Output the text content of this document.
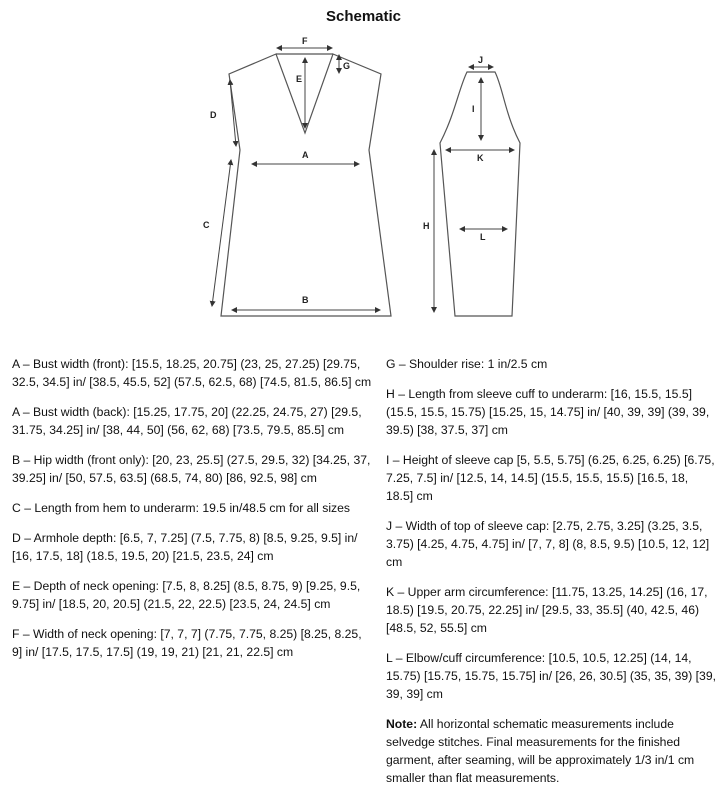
Schematic
F
E
G
D
A
C
B
J
I
K
L
H

A – Bust width (front): [15.5, 18.25, 20.75] (23, 25, 27.25) [29.75, 32.5, 34.5] in/ [38.5, 45.5, 52] (57.5, 62.5, 68) [74.5, 81.5, 86.5] cm

A – Bust width (back): [15.25, 17.75, 20] (22.25, 24.75, 27) [29.5, 31.75, 34.25] in/ [38, 44, 50] (56, 62, 68) [73.5, 79.5, 85.5] cm

B – Hip width (front only): [20, 23, 25.5] (27.5, 29.5, 32) [34.25, 37, 39.25] in/ [50, 57.5, 63.5] (68.5, 74, 80) [86, 92.5, 98] cm

C – Length from hem to underarm: 19.5 in/48.5 cm for all sizes

D – Armhole depth: [6.5, 7, 7.25] (7.5, 7.75, 8) [8.5, 9.25, 9.5] in/ [16, 17.5, 18] (18.5, 19.5, 20) [21.5, 23.5, 24] cm

E – Depth of neck opening: [7.5, 8, 8.25] (8.5, 8.75, 9) [9.25, 9.5, 9.75] in/ [18.5, 20, 20.5] (21.5, 22, 22.5) [23.5, 24, 24.5] cm

F – Width of neck opening: [7, 7, 7] (7.75, 7.75, 8.25) [8.25, 8.25, 9] in/ [17.5, 17.5, 17.5] (19, 19, 21) [21, 21, 22.5] cm

G – Shoulder rise: 1 in/2.5 cm

H – Length from sleeve cuff to underarm: [16, 15.5, 15.5] (15.5, 15.5, 15.75) [15.25, 15, 14.75] in/ [40, 39, 39] (39, 39, 39.5) [38, 37.5, 37] cm

I – Height of sleeve cap [5, 5.5, 5.75] (6.25, 6.25, 6.25) [6.75, 7.25, 7.5] in/ [12.5, 14, 14.5] (15.5, 15.5, 15.5) [16.5, 18, 18.5] cm

J – Width of top of sleeve cap: [2.75, 2.75, 3.25] (3.25, 3.5, 3.75) [4.25, 4.75, 4.75] in/ [7, 7, 8] (8, 8.5, 9.5) [10.5, 12, 12] cm

K – Upper arm circumference: [11.75, 13.25, 14.25] (16, 17, 18.5) [19.5, 20.75, 22.25] in/ [29.5, 33, 35.5] (40, 42.5, 46) [48.5, 52, 55.5] cm

L – Elbow/cuff circumference: [10.5, 10.5, 12.25] (14, 14, 15.75) [15.75, 15.75, 15.75] in/ [26, 26, 30.5] (35, 35, 39) [39, 39, 39] cm

Note: All horizontal schematic measurements include selvedge stitches. Final measurements for the finished garment, after seaming, will be approximately 1/3 in/1 cm smaller than flat measurements.
